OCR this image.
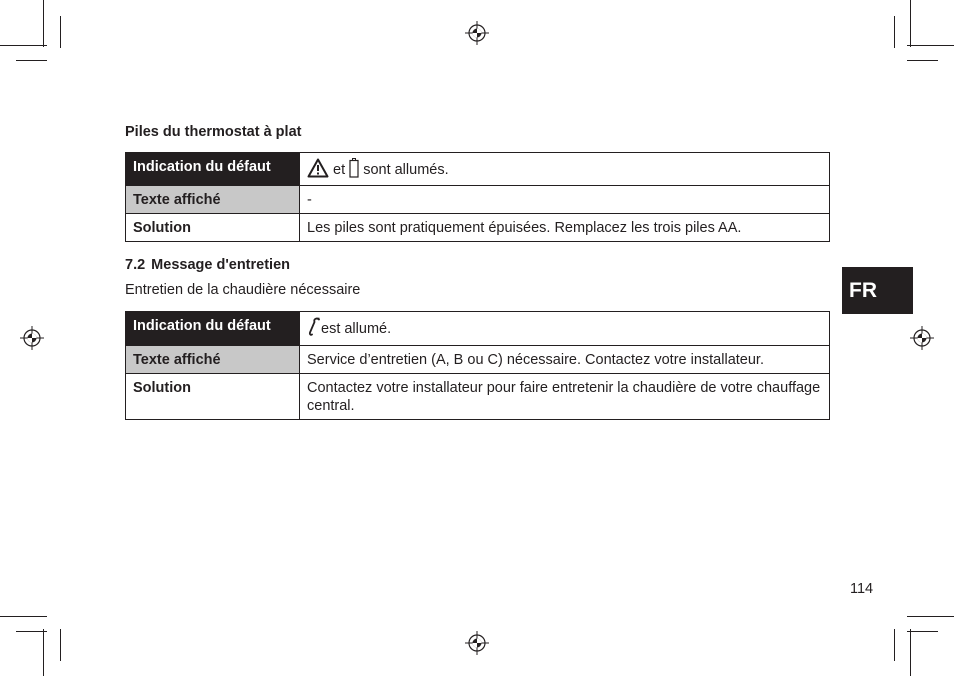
Piles du thermostat à plat
Indication du défaut	et sont allumés.
Texte affiché	-
Solution	Les piles sont pratiquement épuisées. Remplacez les trois piles AA.
7.2 Message d'entretien
Entretien de la chaudière nécessaire
Indication du défaut	est allumé.
Texte affiché	Service d’entretien (A, B ou C) nécessaire. Contactez votre installateur.
Solution	Contactez votre installateur pour faire entretenir la chaudière de votre chauffage central.
FR
114
